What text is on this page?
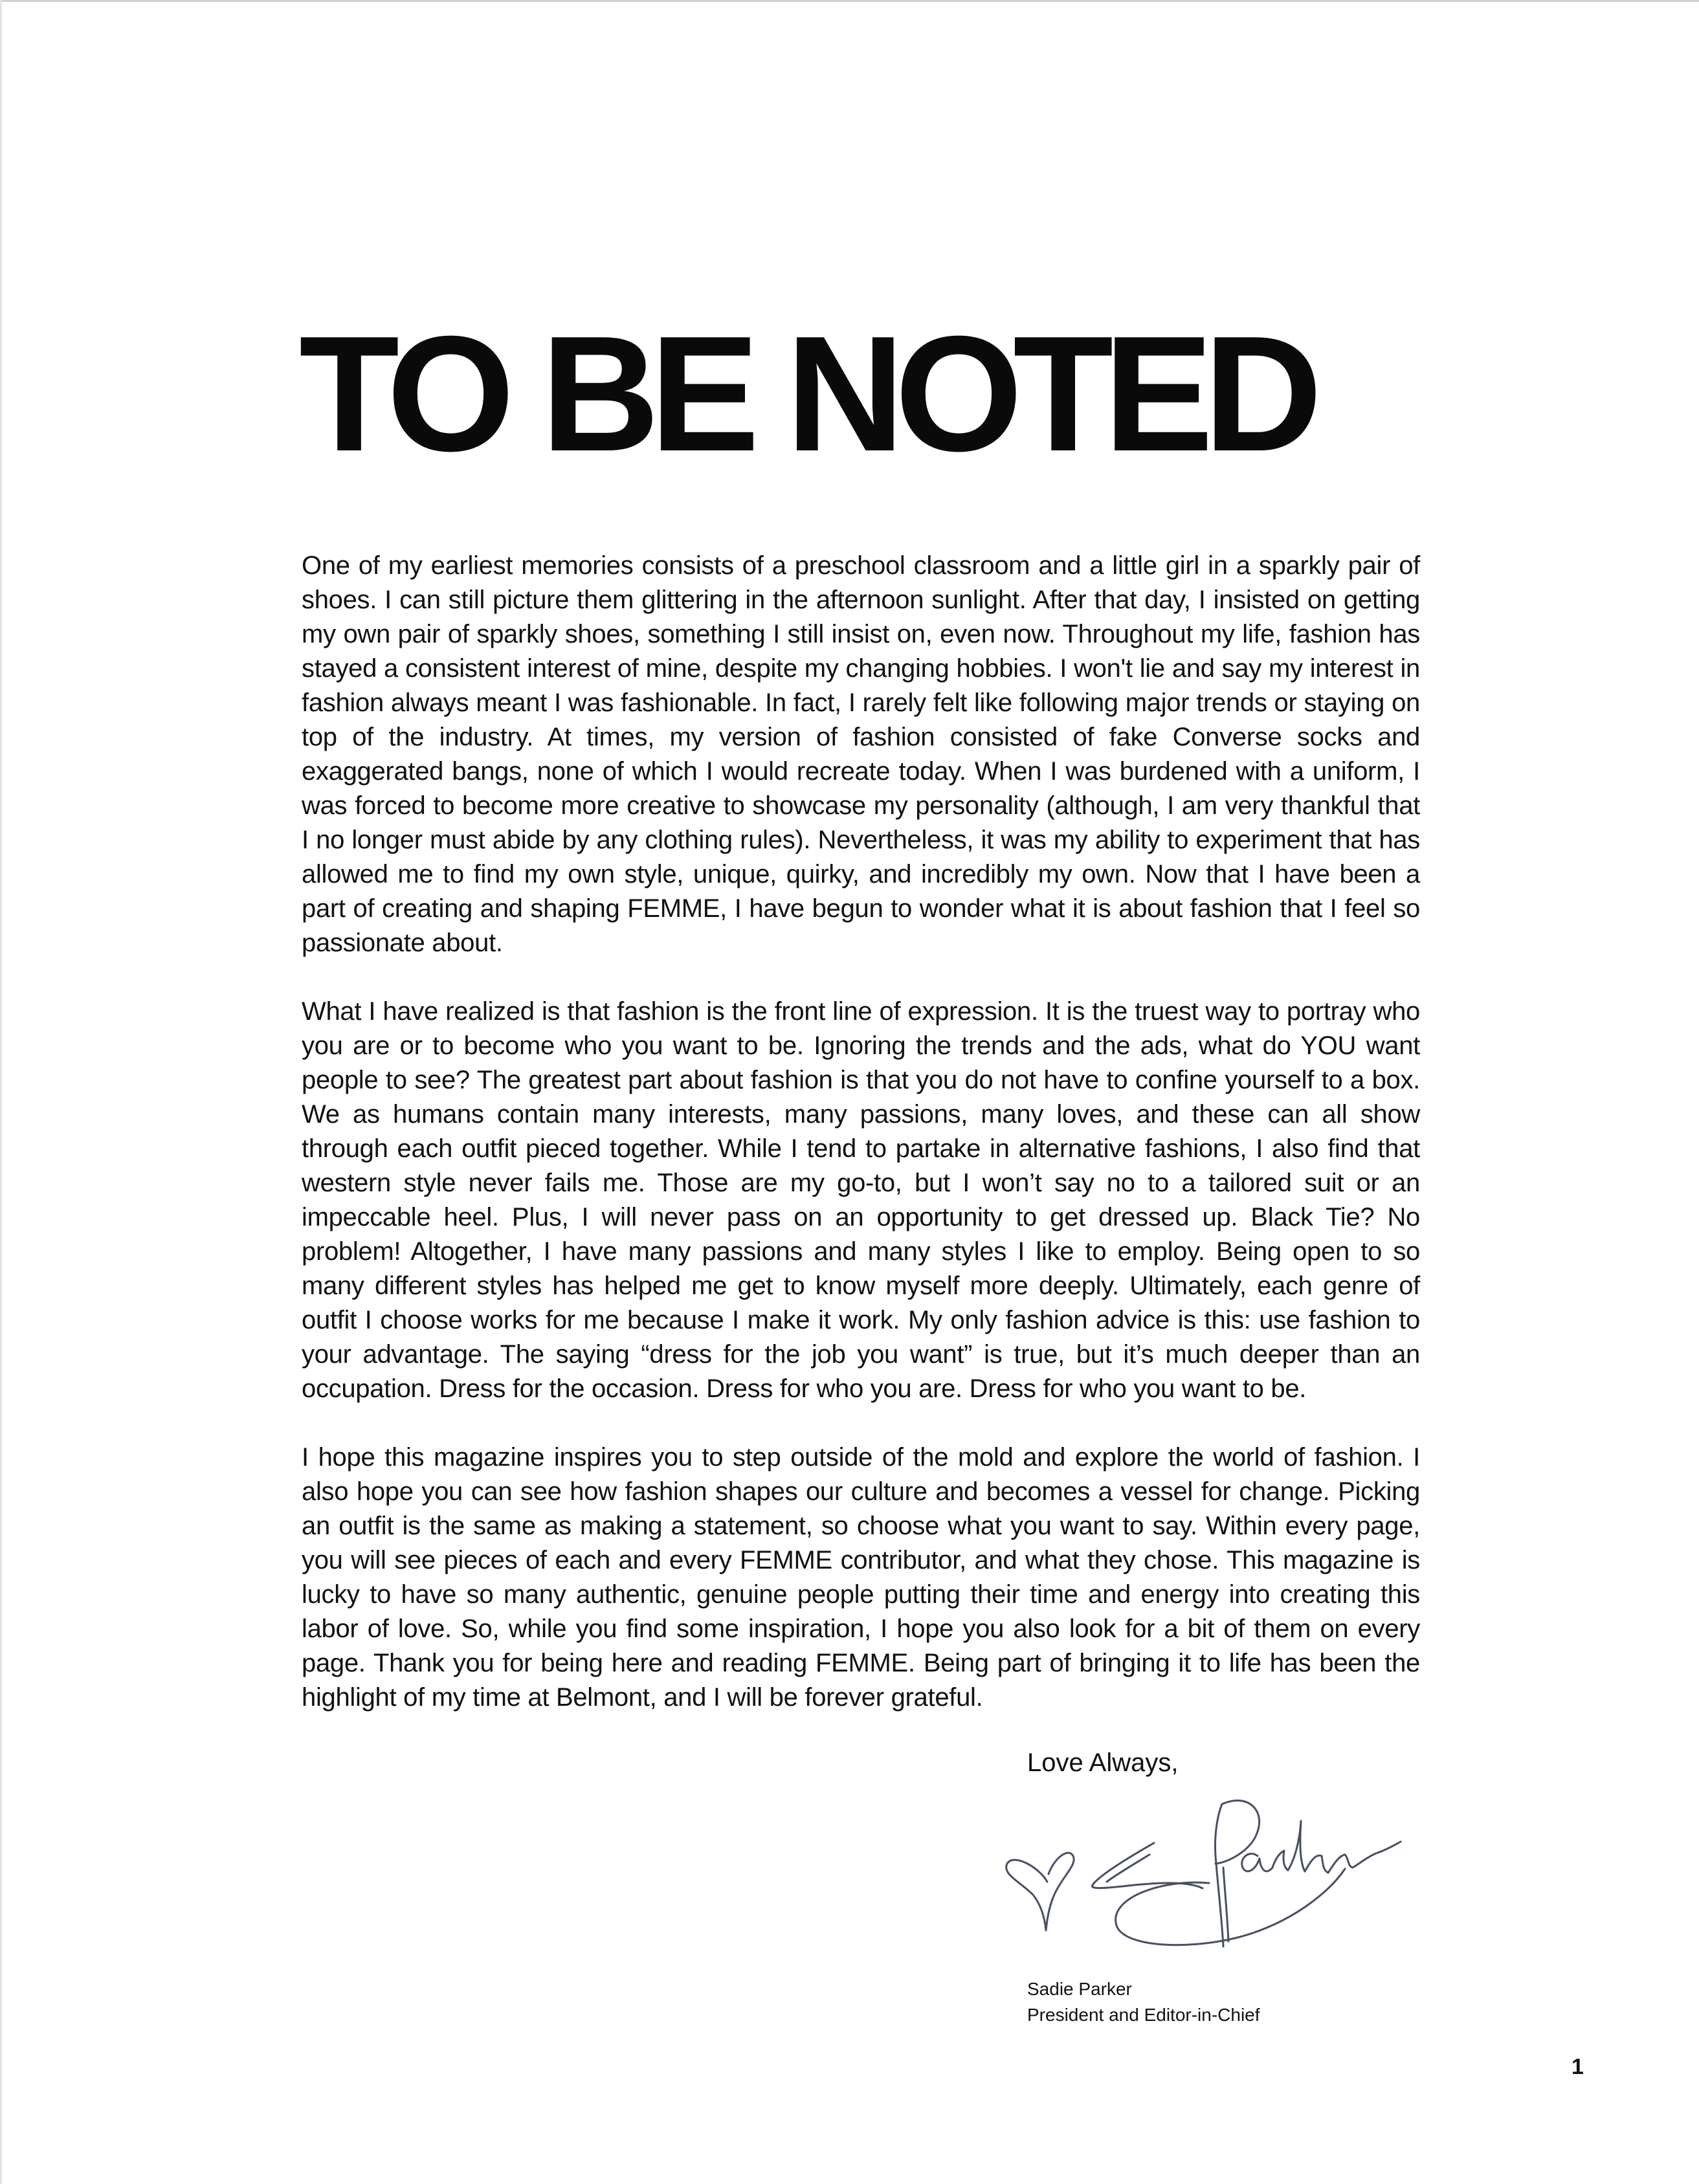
TO BE NOTED

One of my earliest memories consists of a preschool classroom and a little girl in a sparkly pair of shoes. I can still picture them glittering in the afternoon sunlight. After that day, I insisted on getting my own pair of sparkly shoes, something I still insist on, even now. Throughout my life, fashion has stayed a consistent interest of mine, despite my changing hobbies. I won't lie and say my interest in fashion always meant I was fashionable. In fact, I rarely felt like following major trends or staying on top of the industry. At times, my version of fashion consisted of fake Converse socks and exaggerated bangs, none of which I would recreate today. When I was burdened with a uniform, I was forced to become more creative to showcase my personality (although, I am very thankful that I no longer must abide by any clothing rules). Nevertheless, it was my ability to experiment that has allowed me to find my own style, unique, quirky, and incredibly my own. Now that I have been a part of creating and shaping FEMME, I have begun to wonder what it is about fashion that I feel so passionate about.

What I have realized is that fashion is the front line of expression. It is the truest way to portray who you are or to become who you want to be. Ignoring the trends and the ads, what do YOU want people to see? The greatest part about fashion is that you do not have to confine yourself to a box. We as humans contain many interests, many passions, many loves, and these can all show through each outfit pieced together. While I tend to partake in alternative fashions, I also find that western style never fails me. Those are my go-to, but I won’t say no to a tailored suit or an impeccable heel. Plus, I will never pass on an opportunity to get dressed up. Black Tie? No problem! Altogether, I have many passions and many styles I like to employ. Being open to so many different styles has helped me get to know myself more deeply. Ultimately, each genre of outfit I choose works for me because I make it work. My only fashion advice is this: use fashion to your advantage. The saying “dress for the job you want” is true, but it’s much deeper than an occupation. Dress for the occasion. Dress for who you are. Dress for who you want to be.

I hope this magazine inspires you to step outside of the mold and explore the world of fashion. I also hope you can see how fashion shapes our culture and becomes a vessel for change. Picking an outfit is the same as making a statement, so choose what you want to say. Within every page, you will see pieces of each and every FEMME contributor, and what they chose. This magazine is lucky to have so many authentic, genuine people putting their time and energy into creating this labor of love. So, while you find some inspiration, I hope you also look for a bit of them on every page. Thank you for being here and reading FEMME. Being part of bringing it to life has been the highlight of my time at Belmont, and I will be forever grateful.

Love Always,

Sadie Parker
President and Editor-in-Chief
1
